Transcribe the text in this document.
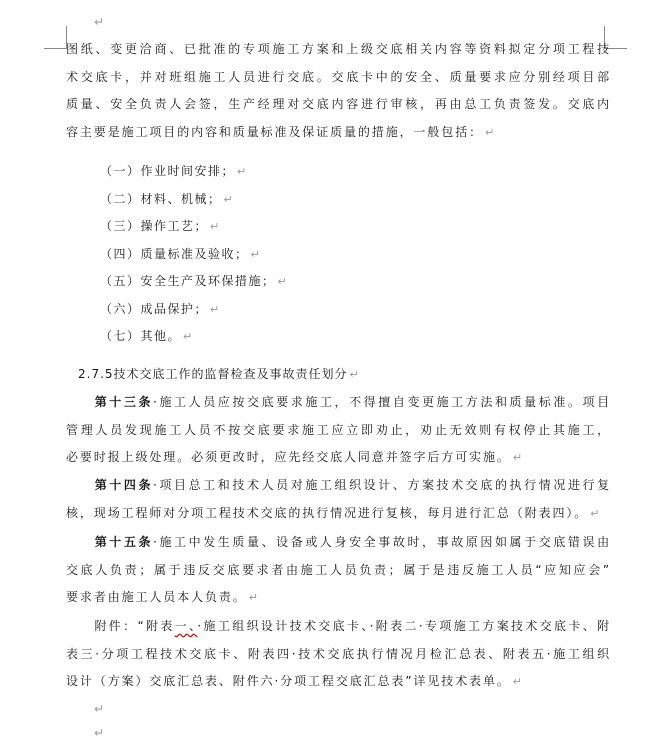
↵
图纸、变更洽商、已批准的专项施工方案和上级交底相关内容等资料拟定分项工程技
术交底卡，并对班组施工人员进行交底。交底卡中的安全、质量要求应分别经项目部
质量、安全负责人会签，生产经理对交底内容进行审核，再由总工负责签发。交底内
容主要是施工项目的内容和质量标准及保证质量的措施，一般包括： ↵
（一）作业时间安排； ↵
（二）材料、机械； ↵
（三）操作工艺； ↵
（四）质量标准及验收； ↵
（五）安全生产及环保措施； ↵
（六）成品保护； ↵
（七）其他。 ↵
2.7.5技术交底工作的监督检查及事故责任划分 ↵
第十三条·施工人员应按交底要求施工，不得擅自变更施工方法和质量标准。项目
管理人员发现施工人员不按交底要求施工应立即劝止，劝止无效则有权停止其施工，
必要时报上级处理。必须更改时，应先经交底人同意并签字后方可实施。 ↵
第十四条·项目总工和技术人员对施工组织设计、方案技术交底的执行情况进行复
核，现场工程师对分项工程技术交底的执行情况进行复核，每月进行汇总（附表四）。 ↵
第十五条·施工中发生质量、设备或人身安全事故时，事故原因如属于交底错误由
交底人负责；属于违反交底要求者由施工人员负责；属于是违反施工人员“应知应会”
要求者由施工人员本人负责。 ↵
附件：“附表一、·施工组织设计技术交底卡、·附表二·专项施工方案技术交底卡、附
表三·分项工程技术交底卡、附表四·技术交底执行情况月检汇总表、附表五·施工组织
设计（方案）交底汇总表、附件六·分项工程交底汇总表”详见技术表单。 ↵
↵
↵
